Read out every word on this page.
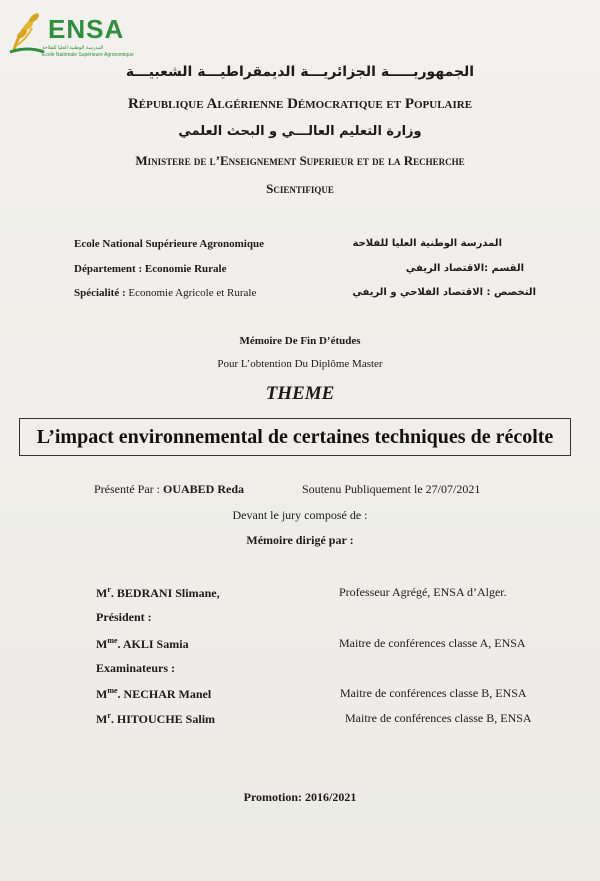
ENSA
المدرسة الوطنية العليا للفلاحة
Ecole Nationale Supérieure Agronomique
الجمهوريـــــة الجزائريـــة الديمقراطيـــة الشعبيـــة
République Algérienne Démocratique et Populaire
وزارة التعليم العالـــي و البحث العلمي
Ministere de l’Enseignement Superieur et de la Recherche
Scientifique
Ecole National Supérieure Agronomique	المدرسة الوطنية العليا للفلاحة
Département : Economie Rurale	القسم :الاقتصاد الريفي
Spécialité : Economie Agricole et Rurale	التخصص : الاقتصاد الفلاحي و الريفي
Mémoire De Fin D’études
Pour L’obtention Du Diplôme Master
THEME
L’impact environnemental de certaines techniques de récolte
Présenté Par : OUABED Reda	Soutenu Publiquement le 27/07/2021
Devant le jury composé de :
Mémoire dirigé par :
$M^r$. BEDRANI Slimane,	Professeur Agrégé, ENSA d’Alger.
Président :
$M^{me}$. AKLI Samia	Maitre de conférences classe A, ENSA
Examinateurs :
$M^{me}$. NECHAR Manel	Maitre de conférences classe B, ENSA
$M^r$. HITOUCHE Salim	Maitre de conférences classe B, ENSA
Promotion: 2016/2021
